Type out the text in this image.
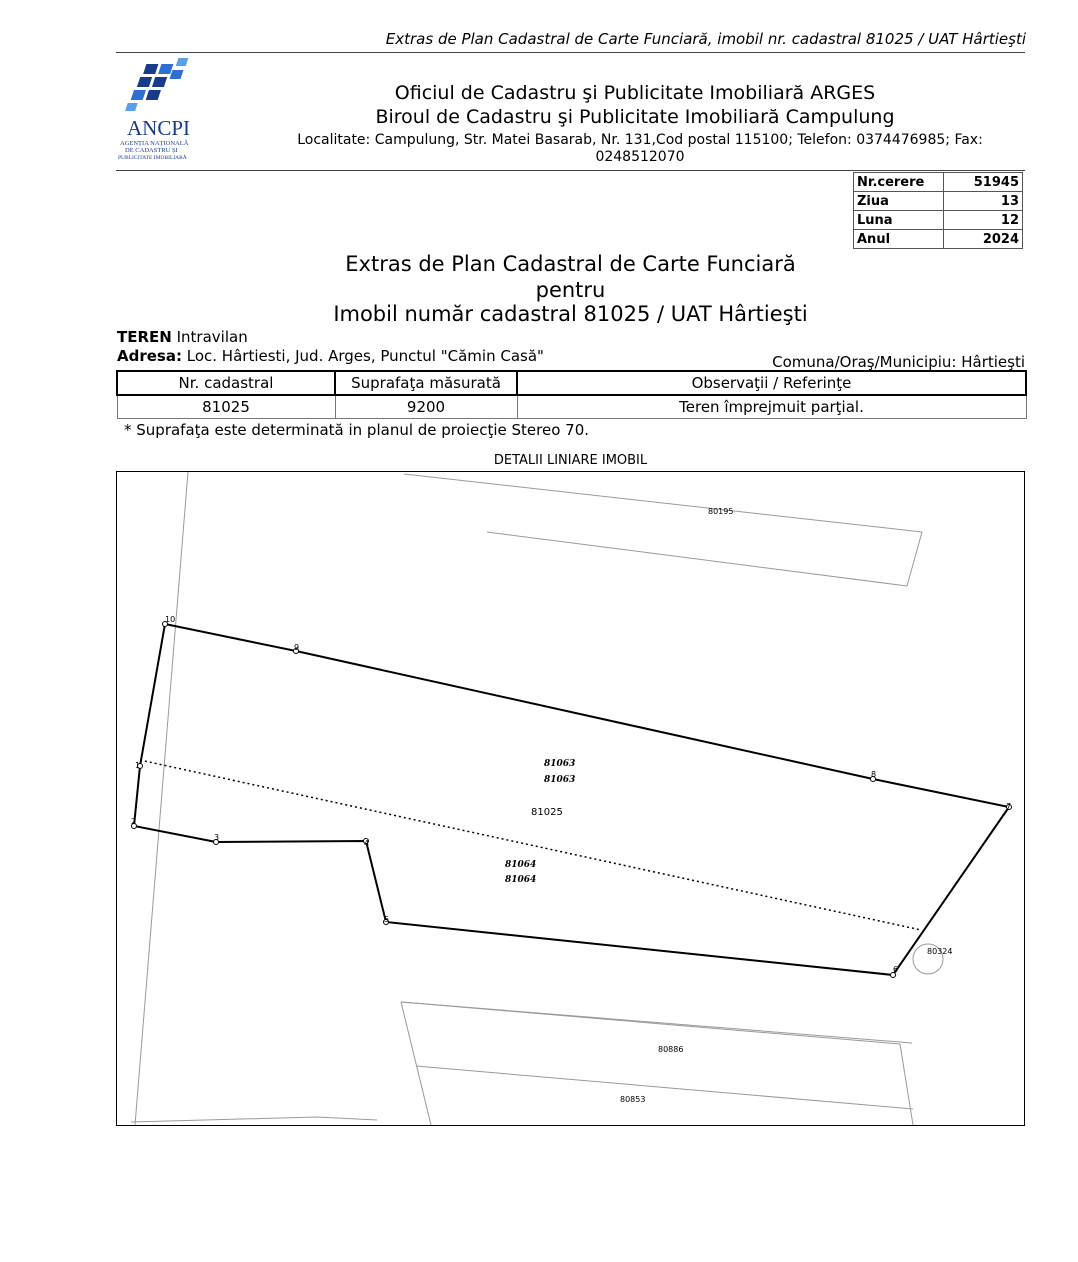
Extras de Plan Cadastral de Carte Funciară, imobil nr. cadastral 81025 / UAT Hârtieşti
ANCPI
AGENȚIA NAȚIONALĂ
DE CADASTRU ȘI
PUBLICITATE IMOBILIARĂ
Oficiul de Cadastru şi Publicitate Imobiliară ARGES
Biroul de Cadastru şi Publicitate Imobiliară Campulung
Localitate: Campulung, Str. Matei Basarab, Nr. 131,Cod postal 115100; Telefon: 0374476985; Fax: 0248512070
Nr.cerere	51945
Ziua	13
Luna	12
Anul	2024
Extras de Plan Cadastral de Carte Funciară
pentru
Imobil număr cadastral 81025 / UAT Hârtieşti
TEREN Intravilan
Adresa: Loc. Hârtiesti, Jud. Arges, Punctul "Cămin Casă"	Comuna/Oraş/Municipiu: Hârtieşti
Nr. cadastral	Suprafaţa măsurată	Observaţii / Referinţe
81025	9200	Teren împrejmuit parţial.
* Suprafaţa este determinată in planul de proiecţie Stereo 70.
DETALII LINIARE IMOBIL
1
2
3
4
5
6
7
8
9
10
81063
81063
81064
81064
81025
80195
80324
80886
80853
